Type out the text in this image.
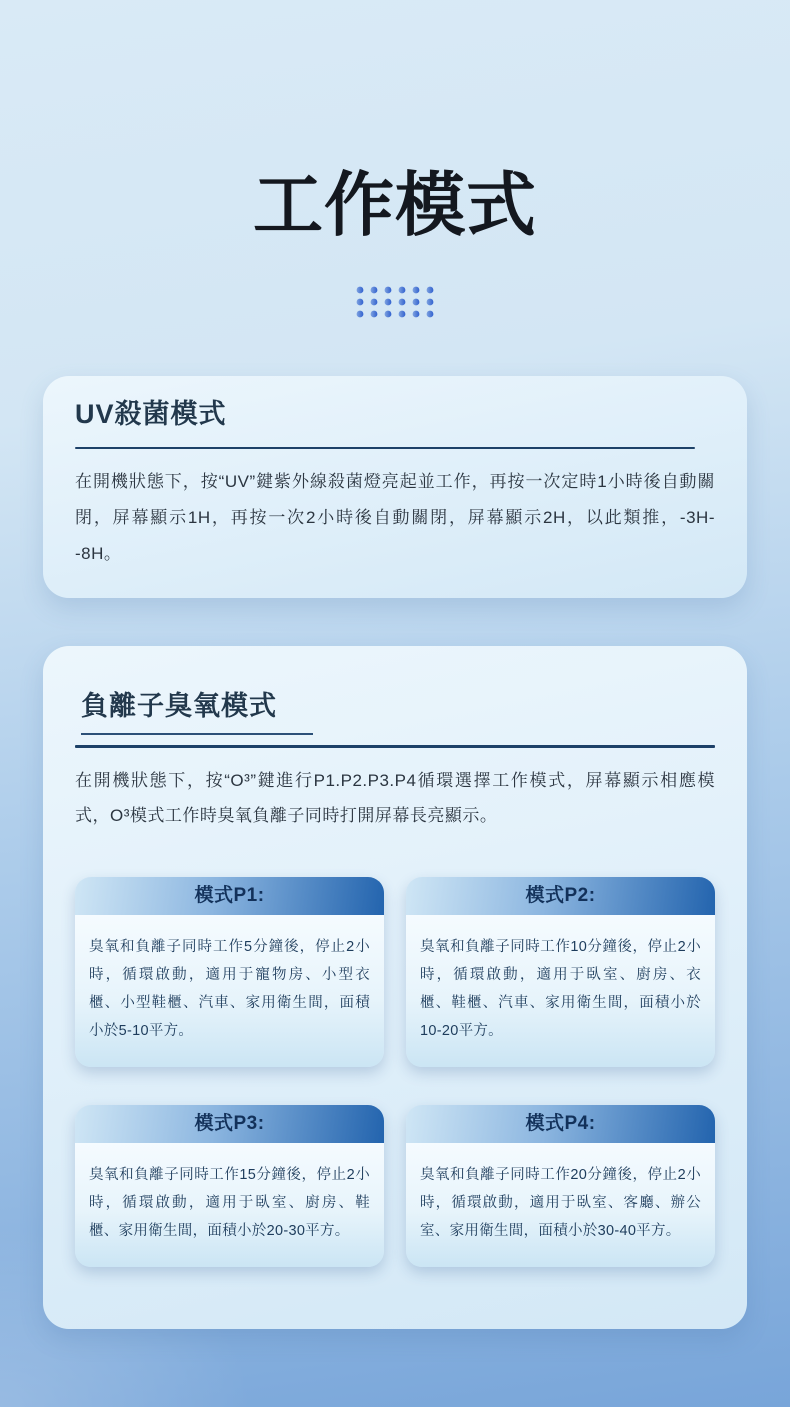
工作模式
UV殺菌模式

在開機狀態下，按“UV”鍵紫外線殺菌燈亮起並工作，再按一次定時1小時後自動關閉，屏幕顯示1H，再按一次2小時後自動關閉，屏幕顯示2H，以此類推，-3H--8H。

負離子臭氧模式

在開機狀態下，按“O³”鍵進行P1.P2.P3.P4循環選擇工作模式，屏幕顯示相應模式，O³模式工作時臭氧負離子同時打開屏幕長亮顯示。

模式P1:
臭氧和負離子同時工作5分鐘後，停止2小時，循環啟動，適用于寵物房、小型衣櫃、小型鞋櫃、汽車、家用衛生間，面積小於5-10平方。
模式P2:
臭氧和負離子同時工作10分鐘後，停止2小時，循環啟動，適用于臥室、廚房、衣櫃、鞋櫃、汽車、家用衛生間，面積小於10-20平方。
模式P3:
臭氧和負離子同時工作15分鐘後，停止2小時，循環啟動，適用于臥室、廚房、鞋櫃、家用衛生間，面積小於20-30平方。
模式P4:
臭氧和負離子同時工作20分鐘後，停止2小時，循環啟動，適用于臥室、客廳、辦公室、家用衛生間，面積小於30-40平方。
